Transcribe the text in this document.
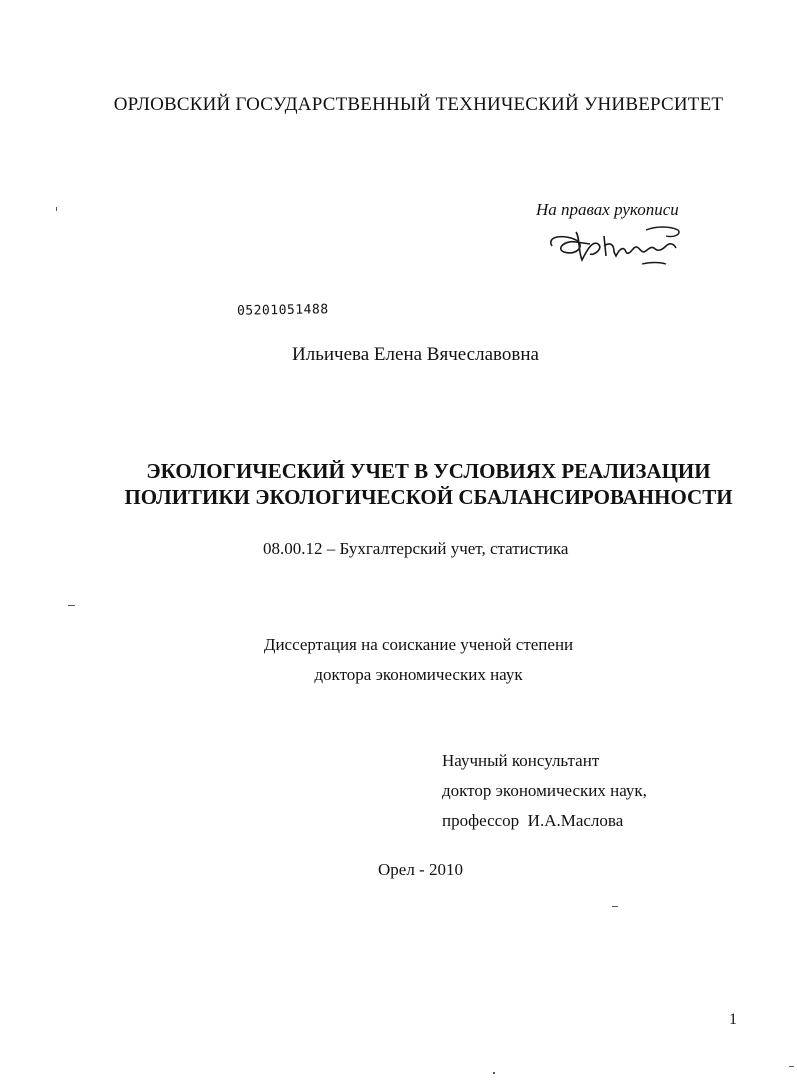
ОРЛОВСКИЙ ГОСУДАРСТВЕННЫЙ ТЕХНИЧЕСКИЙ УНИВЕРСИТЕТ
На правах рукописи
05201051488
Ильичева Елена Вячеславовна
ЭКОЛОГИЧЕСКИЙ УЧЕТ В УСЛОВИЯХ РЕАЛИЗАЦИИ
ПОЛИТИКИ ЭКОЛОГИЧЕСКОЙ СБАЛАНСИРОВАННОСТИ
08.00.12 – Бухгалтерский учет, статистика
Диссертация на соискание ученой степени
доктора экономических наук
Научный консультант
доктор экономических наук,
профессор  И.А.Маслова
Орел - 2010
1
